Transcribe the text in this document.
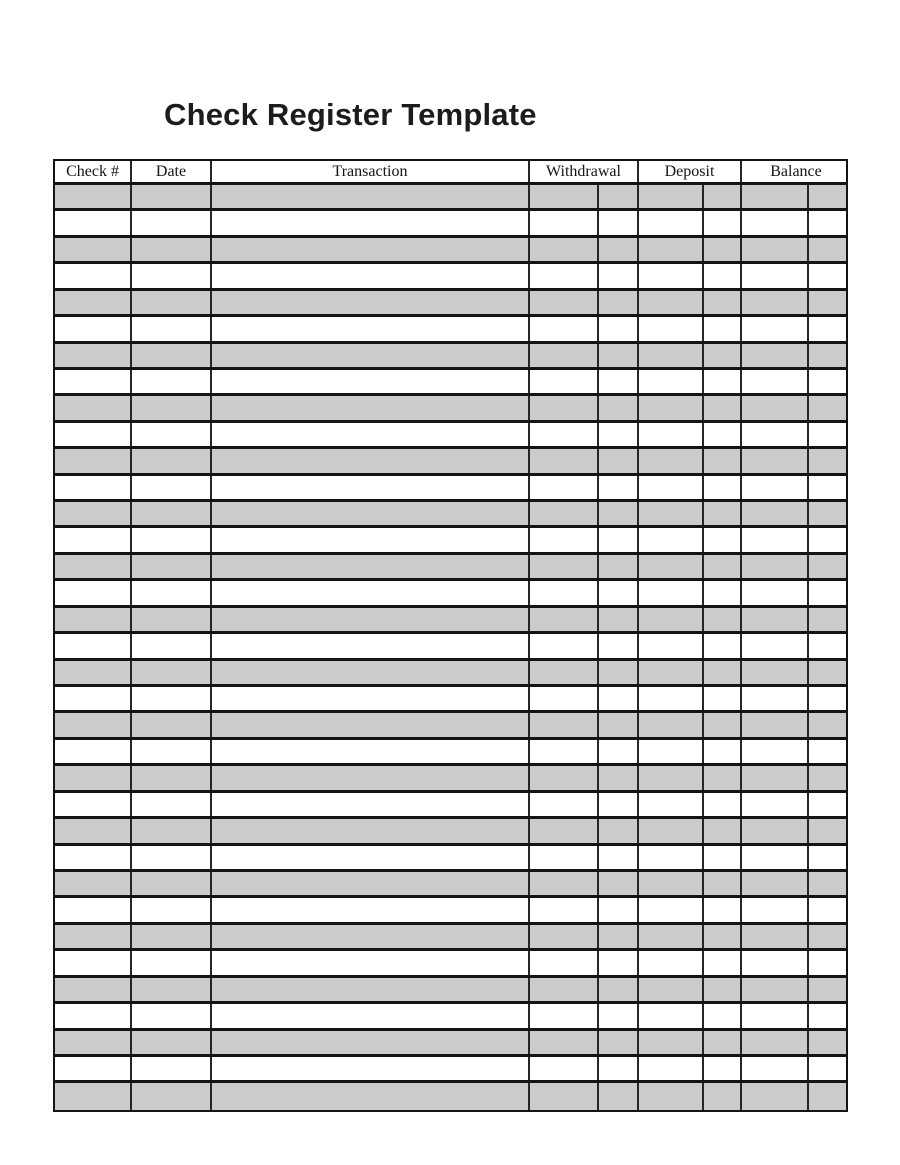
Check Register Template
Check #	Date	Transaction	Withdrawal	Deposit	Balance
